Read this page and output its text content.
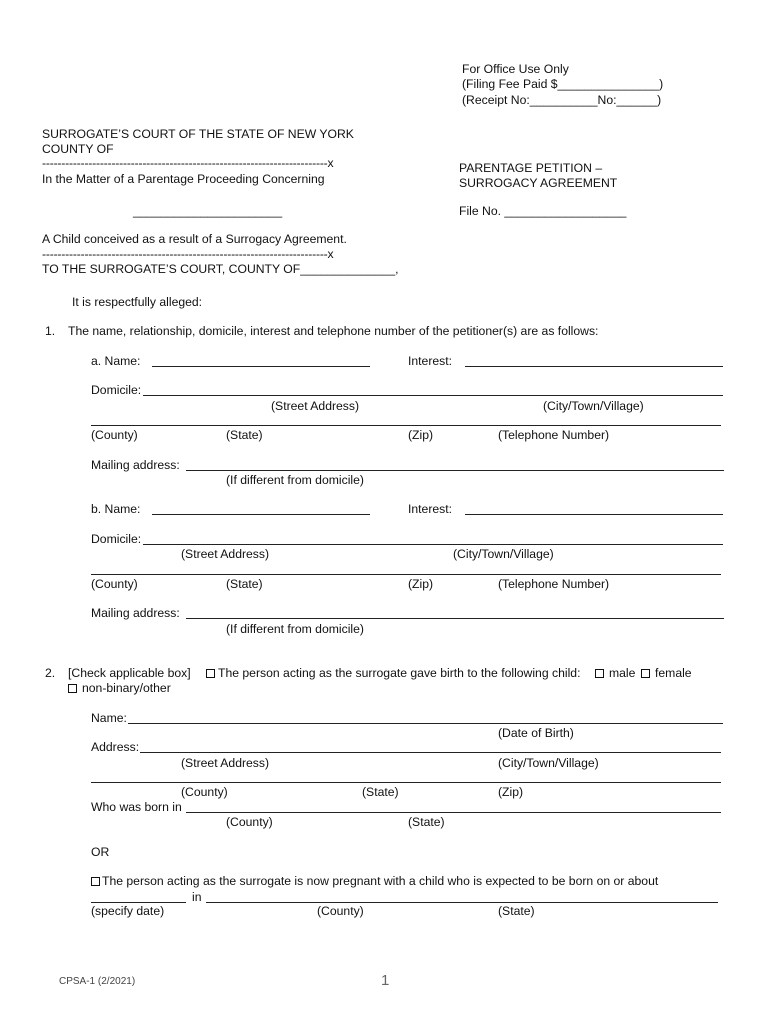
For Office Use Only
(Filing Fee Paid $_______________)
(Receipt No:__________No:______)
SURROGATE’S COURT OF THE STATE OF NEW YORK
COUNTY OF
--------------------------------------------------------------------------x
In the Matter of a Parentage Proceeding Concerning
______________________
A Child conceived as a result of a Surrogacy Agreement.
--------------------------------------------------------------------------x
TO THE SURROGATE’S COURT, COUNTY OF______________,
PARENTAGE PETITION –
SURROGACY AGREEMENT
File No. __________________
It is respectfully alleged:
1. The name, relationship, domicile, interest and telephone number of the petitioner(s) are as follows:
a. Name:	Interest:
Domicile:
(Street Address)	(City/Town/Village)
(County)	(State)	(Zip)	(Telephone Number)
Mailing address:
(If different from domicile)
b. Name:	Interest:
Domicile:
(Street Address)	(City/Town/Village)
(County)	(State)	(Zip)	(Telephone Number)
Mailing address:
(If different from domicile)
2. [Check applicable box] The person acting as the surrogate gave birth to the following child: male female
non-binary/other
Name:
(Date of Birth)
Address:
(Street Address)	(City/Town/Village)
(County)	(State)	(Zip)
Who was born in
(County)	(State)
OR
The person acting as the surrogate is now pregnant with a child who is expected to be born on or about
in
(specify date)	(County)	(State)
CPSA-1 (2/2021)	1
